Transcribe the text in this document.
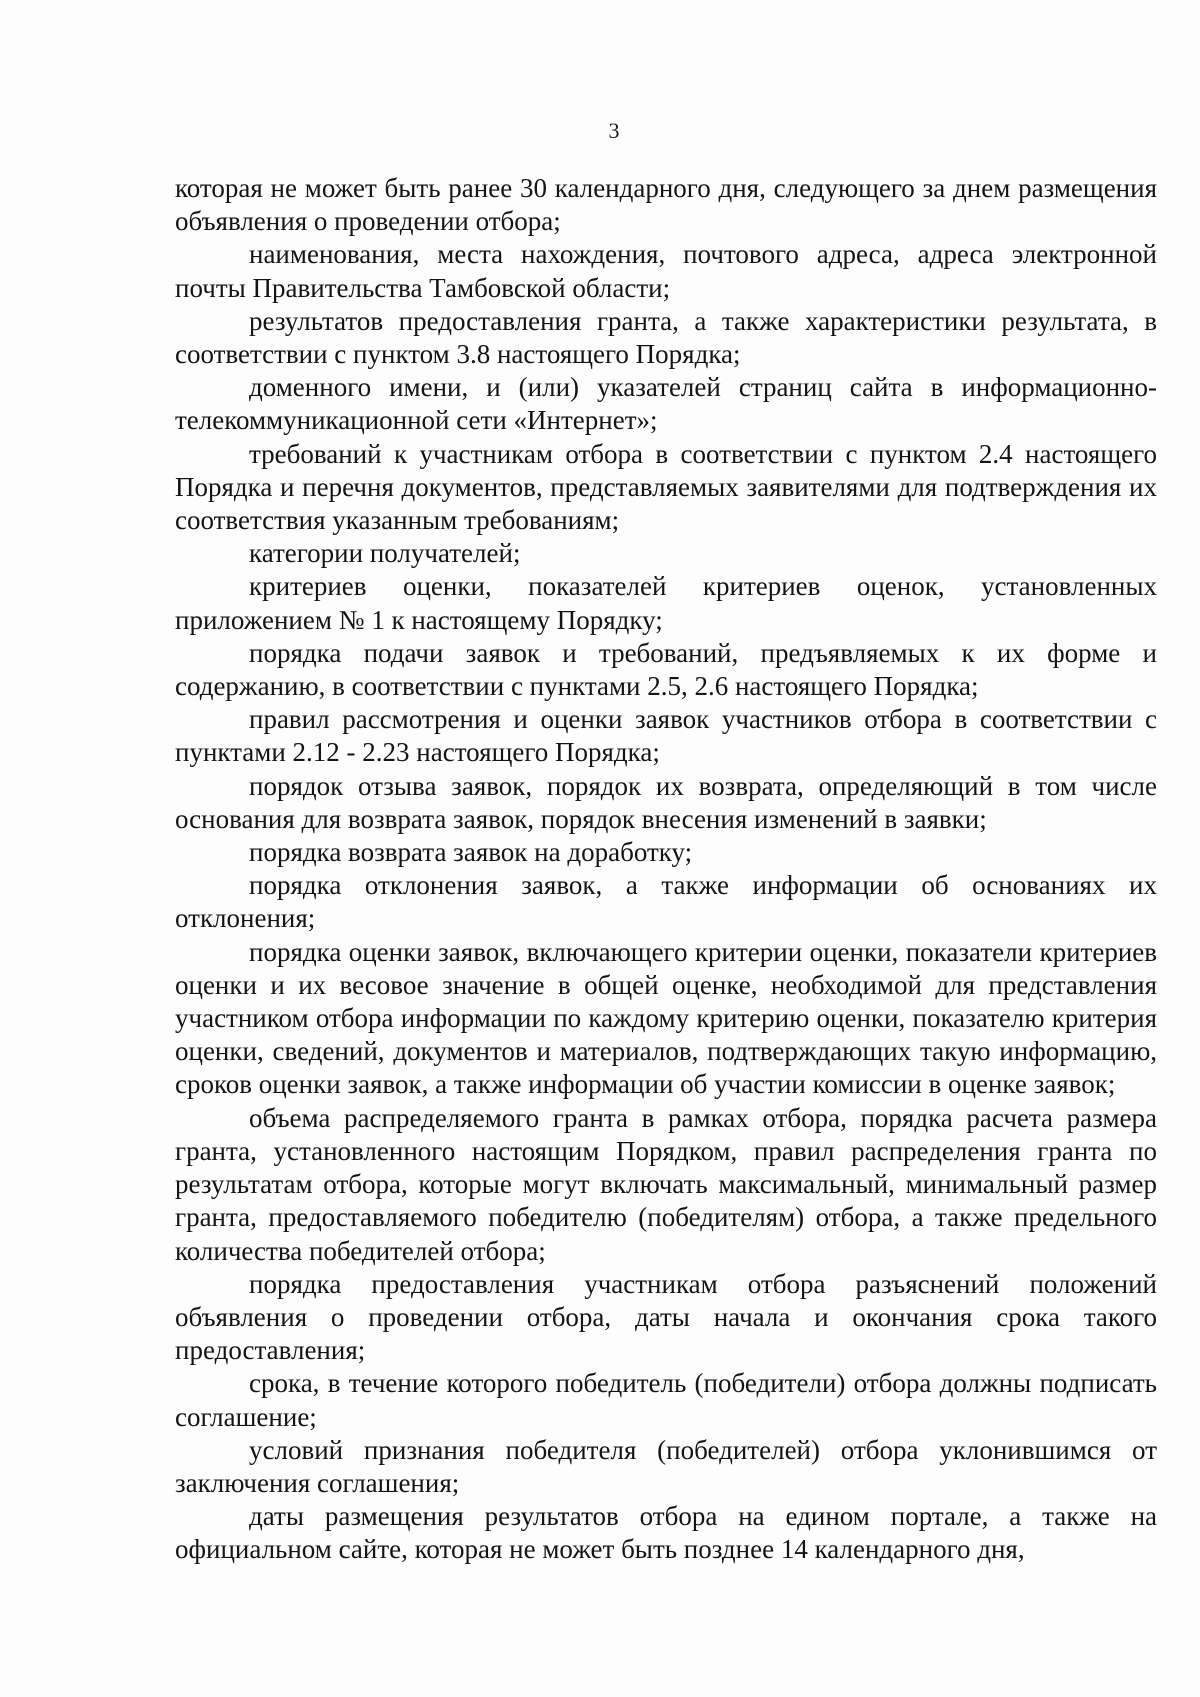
3

которая не может быть ранее 30 календарного дня, следующего за днем размещения объявления о проведении отбора;

наименования, места нахождения, почтового адреса, адреса электронной почты Правительства Тамбовской области;

результатов предоставления гранта, а также характеристики результата, в соответствии с пунктом 3.8 настоящего Порядка;

доменного имени, и (или) указателей страниц сайта в информационно-телекоммуникационной сети «Интернет»;

требований к участникам отбора в соответствии с пунктом 2.4 настоящего Порядка и перечня документов, представляемых заявителями для подтверждения их соответствия указанным требованиям;

категории получателей;

критериев оценки, показателей критериев оценок, установленных приложением № 1 к настоящему Порядку;

порядка подачи заявок и требований, предъявляемых к их форме и содержанию, в соответствии с пунктами 2.5, 2.6 настоящего Порядка;

правил рассмотрения и оценки заявок участников отбора в соответствии с пунктами 2.12 - 2.23 настоящего Порядка;

порядок отзыва заявок, порядок их возврата, определяющий в том числе основания для возврата заявок, порядок внесения изменений в заявки;

порядка возврата заявок на доработку;

порядка отклонения заявок, а также информации об основаниях их отклонения;

порядка оценки заявок, включающего критерии оценки, показатели критериев оценки и их весовое значение в общей оценке, необходимой для представления участником отбора информации по каждому критерию оценки, показателю критерия оценки, сведений, документов и материалов, подтверждающих такую информацию, сроков оценки заявок, а также информации об участии комиссии в оценке заявок;

объема распределяемого гранта в рамках отбора, порядка расчета размера гранта, установленного настоящим Порядком, правил распределения гранта по результатам отбора, которые могут включать максимальный, минимальный размер гранта, предоставляемого победителю (победителям) отбора, а также предельного количества победителей отбора;

порядка предоставления участникам отбора разъяснений положений объявления о проведении отбора, даты начала и окончания срока такого предоставления;

срока, в течение которого победитель (победители) отбора должны подписать соглашение;

условий признания победителя (победителей) отбора уклонившимся от заключения соглашения;

даты размещения результатов отбора на едином портале, а также на официальном сайте, которая не может быть позднее 14 календарного дня,
